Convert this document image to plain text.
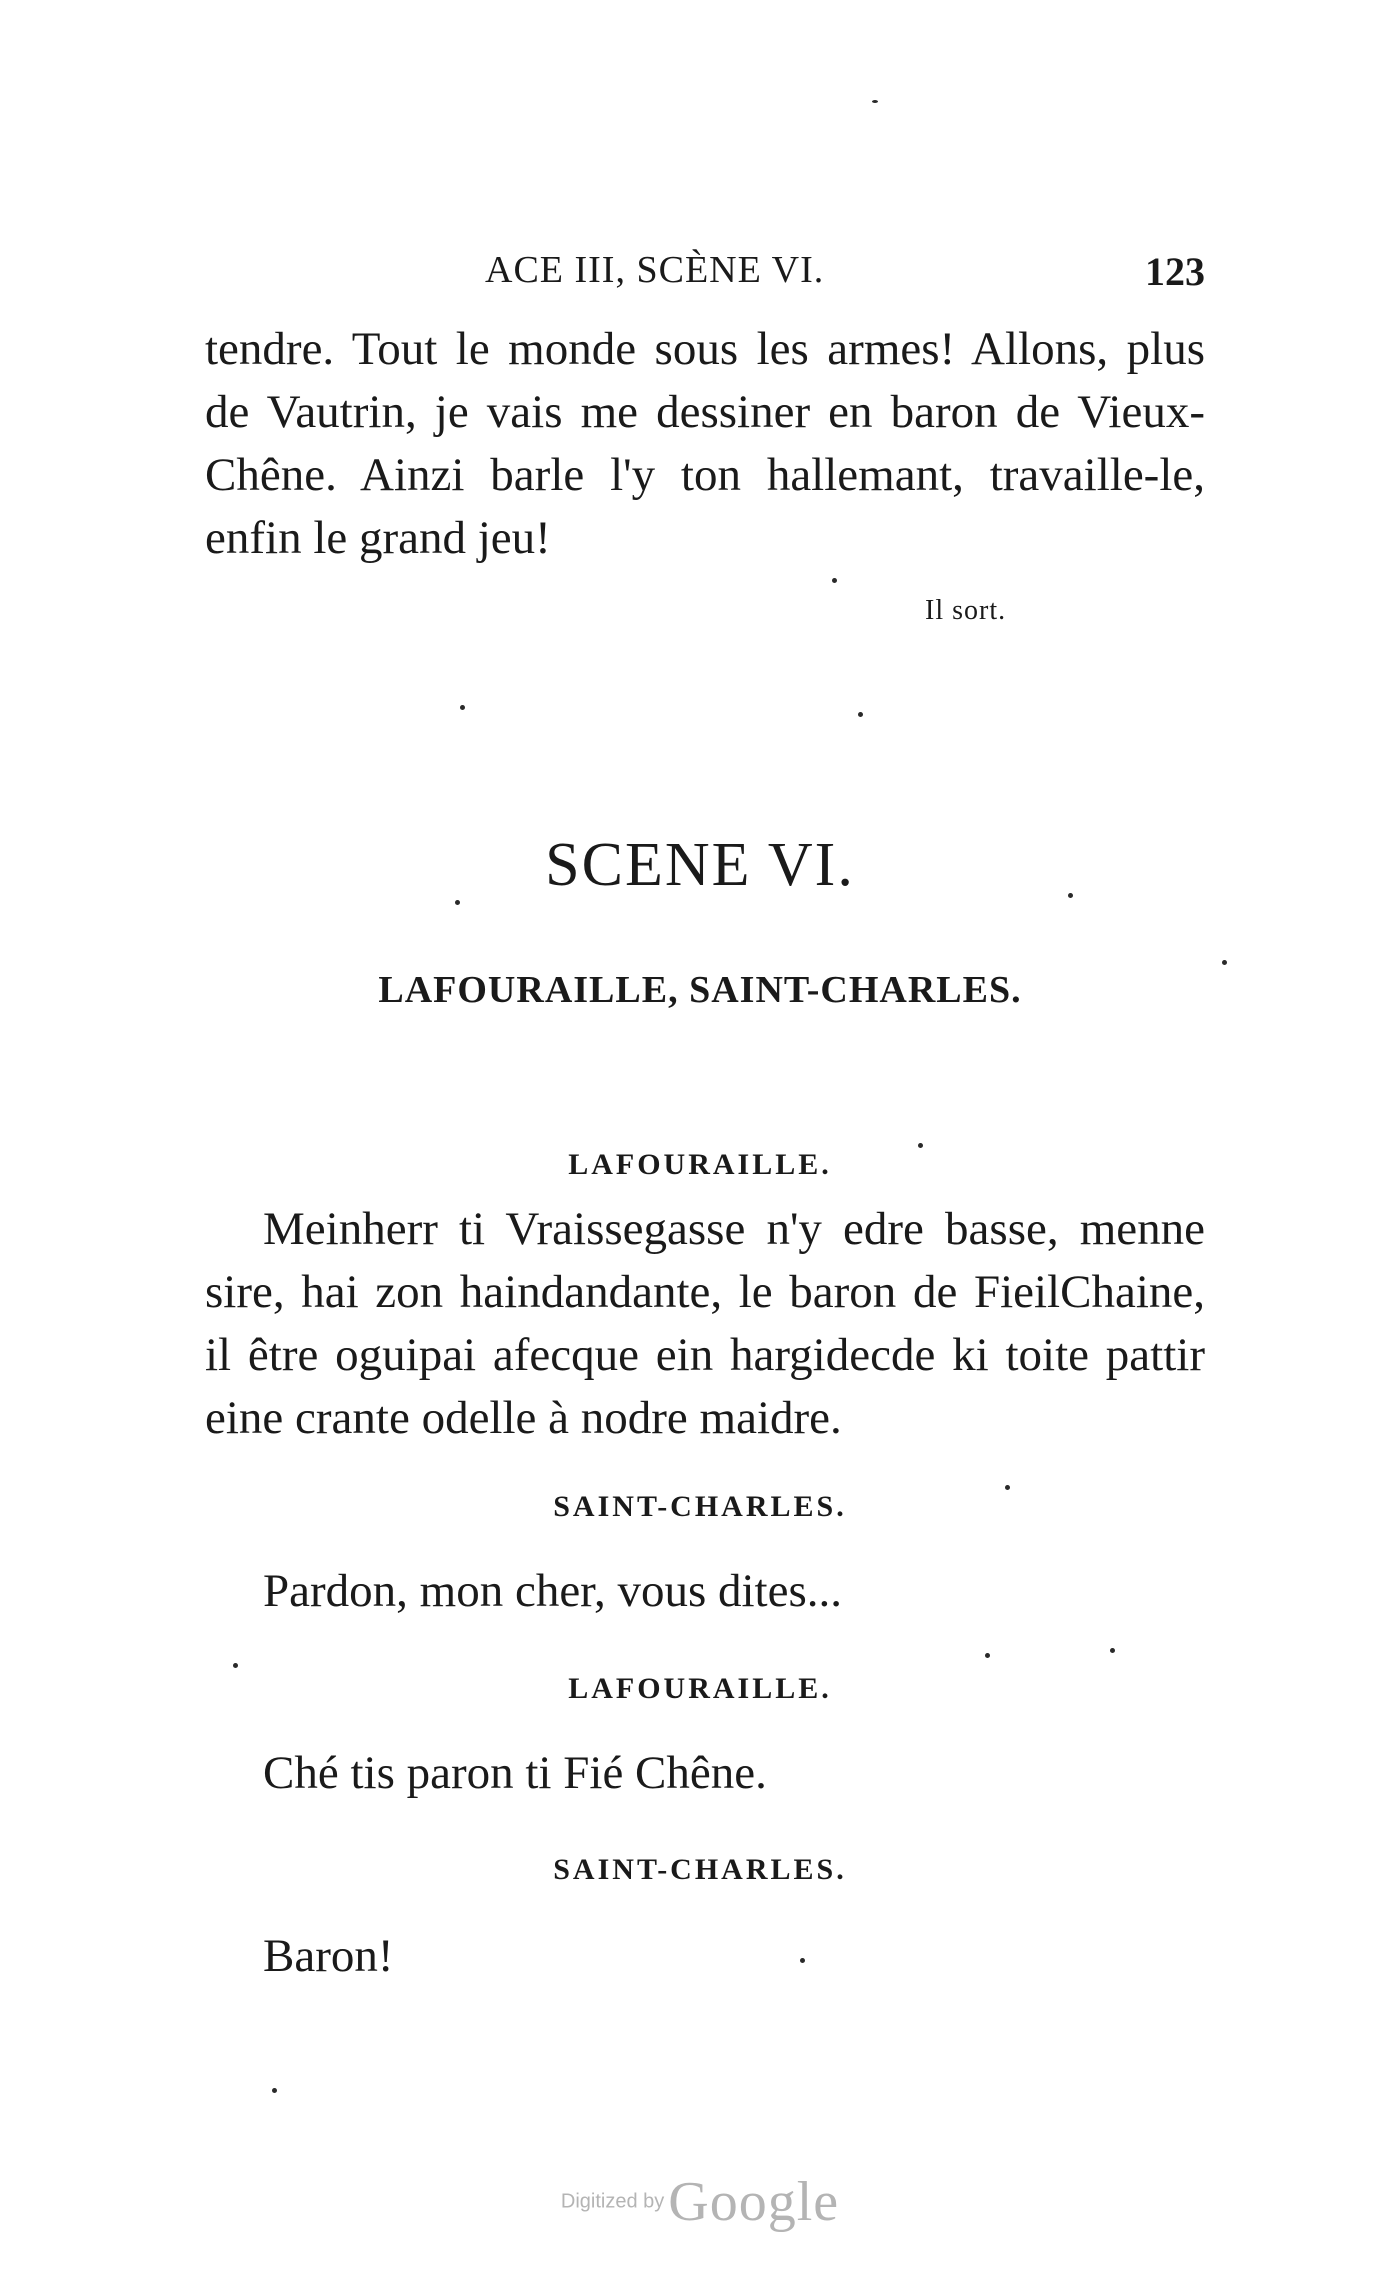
ACE III, SCÈNE VI.	123

tendre. Tout le monde sous les armes! Allons, plus de Vautrin, je vais me dessiner en baron de Vieux-Chêne. Ainzi barle l'y ton hallemant, travaille-le, enfin le grand jeu!

Il sort.
SCENE VI.
LAFOURAILLE, SAINT-CHARLES.
LAFOURAILLE.

Meinherr ti Vraissegasse n'y edre basse, menne sire, hai zon haindandante, le baron de FieilChaine, il être oguipai afecque ein hargidecde ki toite pattir eine crante odelle à nodre maidre.

SAINT-CHARLES.

Pardon, mon cher, vous dites...

LAFOURAILLE.

Ché tis paron ti Fié Chêne.

SAINT-CHARLES.

Baron!

Digitized by Google
